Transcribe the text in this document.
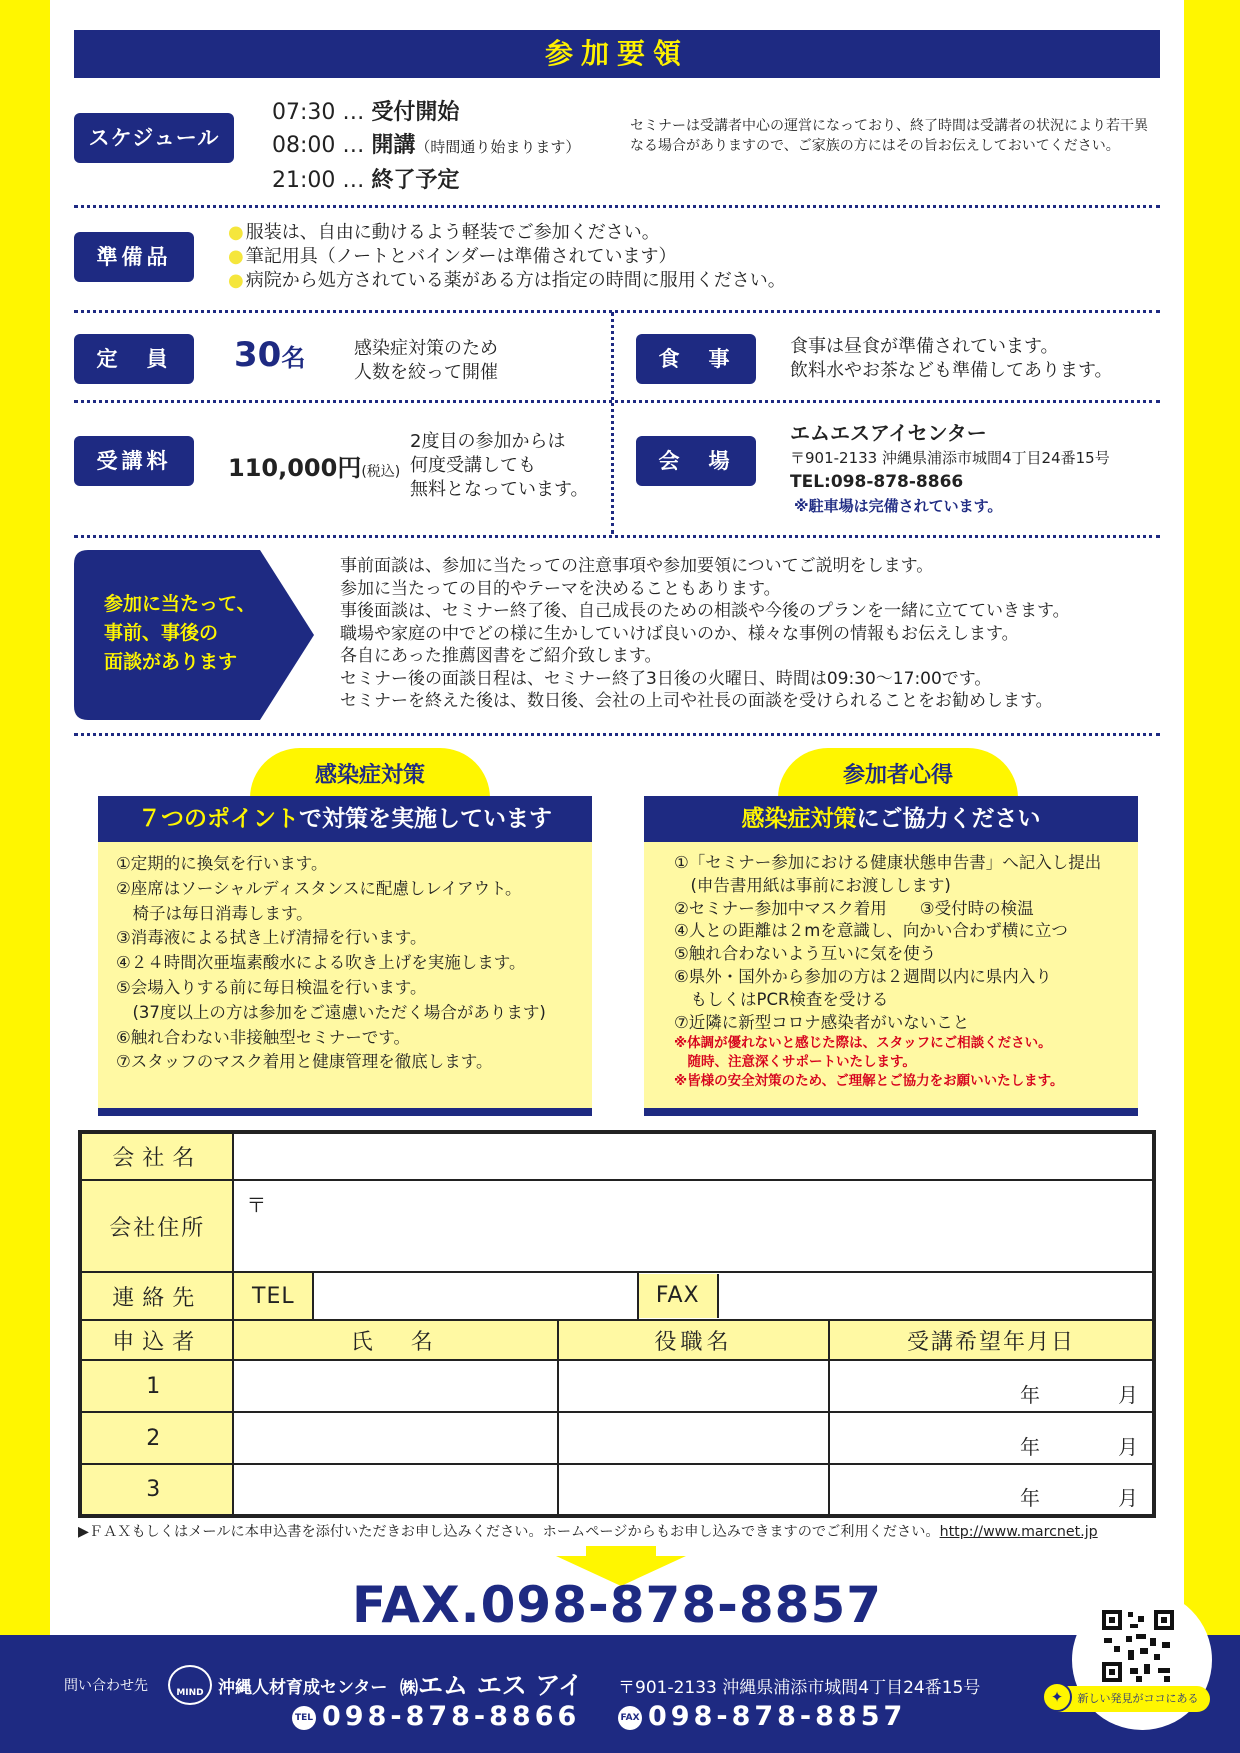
参加要領
スケジュール
07:30 … 受付開始
08:00 … 開講（時間通り始まります）
21:00 … 終了予定
セミナーは受講者中心の運営になっており、終了時間は受講者の状況により若干異なる場合がありますので、ご家族の方にはその旨お伝えしておいてください。
準備品
● 服装は、自由に動けるよう軽装でご参加ください。
● 筆記用具（ノートとバインダーは準備されています）
● 病院から処方されている薬がある方は指定の時間に服用ください。
定　員	30名	感染症対策のため
人数を絞って開催
食　事
食事は昼食が準備されています。
飲料水やお茶なども準備してあります。
受講料	110,000円(税込)
2度目の参加からは
何度受講しても
無料となっています。
会　場
エムエスアイセンター
〒901-2133 沖縄県浦添市城間4丁目24番15号
TEL:098-878-8866
※駐車場は完備されています。
参加に当たって、
事前、事後の
面談があります
事前面談は、参加に当たっての注意事項や参加要領についてご説明をします。
参加に当たっての目的やテーマを決めることもあります。
事後面談は、セミナー終了後、自己成長のための相談や今後のプランを一緒に立てていきます。
職場や家庭の中でどの様に生かしていけば良いのか、様々な事例の情報もお伝えします。
各自にあった推薦図書をご紹介致します。
セミナー後の面談日程は、セミナー終了3日後の火曜日、時間は09:30〜17:00です。
セミナーを終えた後は、数日後、会社の上司や社長の面談を受けられることをお勧めします。
感染症対策
７つのポイントで対策を実施しています
①定期的に換気を行います。
②座席はソーシャルディスタンスに配慮しレイアウト。
　椅子は毎日消毒します。
③消毒液による拭き上げ清掃を行います。
④２４時間次亜塩素酸水による吹き上げを実施します。
⑤会場入りする前に毎日検温を行います。
　(37度以上の方は参加をご遠慮いただく場合があります)
⑥触れ合わない非接触型セミナーです。
⑦スタッフのマスク着用と健康管理を徹底します。
参加者心得
感染症対策にご協力ください
①「セミナー参加における健康状態申告書」へ記入し提出
　(申告書用紙は事前にお渡しします)
②セミナー参加中マスク着用　　③受付時の検温
④人との距離は２mを意識し、向かい合わず横に立つ
⑤触れ合わないよう互いに気を使う
⑥県外・国外から参加の方は２週間以内に県内入り
　もしくはPCR検査を受ける
⑦近隣に新型コロナ感染者がいないこと
※体調が優れないと感じた際は、スタッフにご相談ください。
　随時、注意深くサポートいたします。
※皆様の安全対策のため、ご理解とご協力をお願いいたします。
会社名					
会社住所	〒				
連絡先	TEL			FAX	

申込者	氏　名		役職名		受講希望年月日
1					年 月

2					年 月

3					年 月
▶ＦＡＸもしくはメールに本申込書を添付いただきお申し込みください。ホームページからもお申し込みできますのでご利用ください。http://www.marcnet.jp
FAX.098-878-8857
問い合わせ先	MIND 沖縄人材育成センター ㈱エム エス アイ 〒901-2133 沖縄県浦添市城間4丁目24番15号
TEL 098-878-8866	FAX 098-878-8857
新しい発見がココにある
✦
